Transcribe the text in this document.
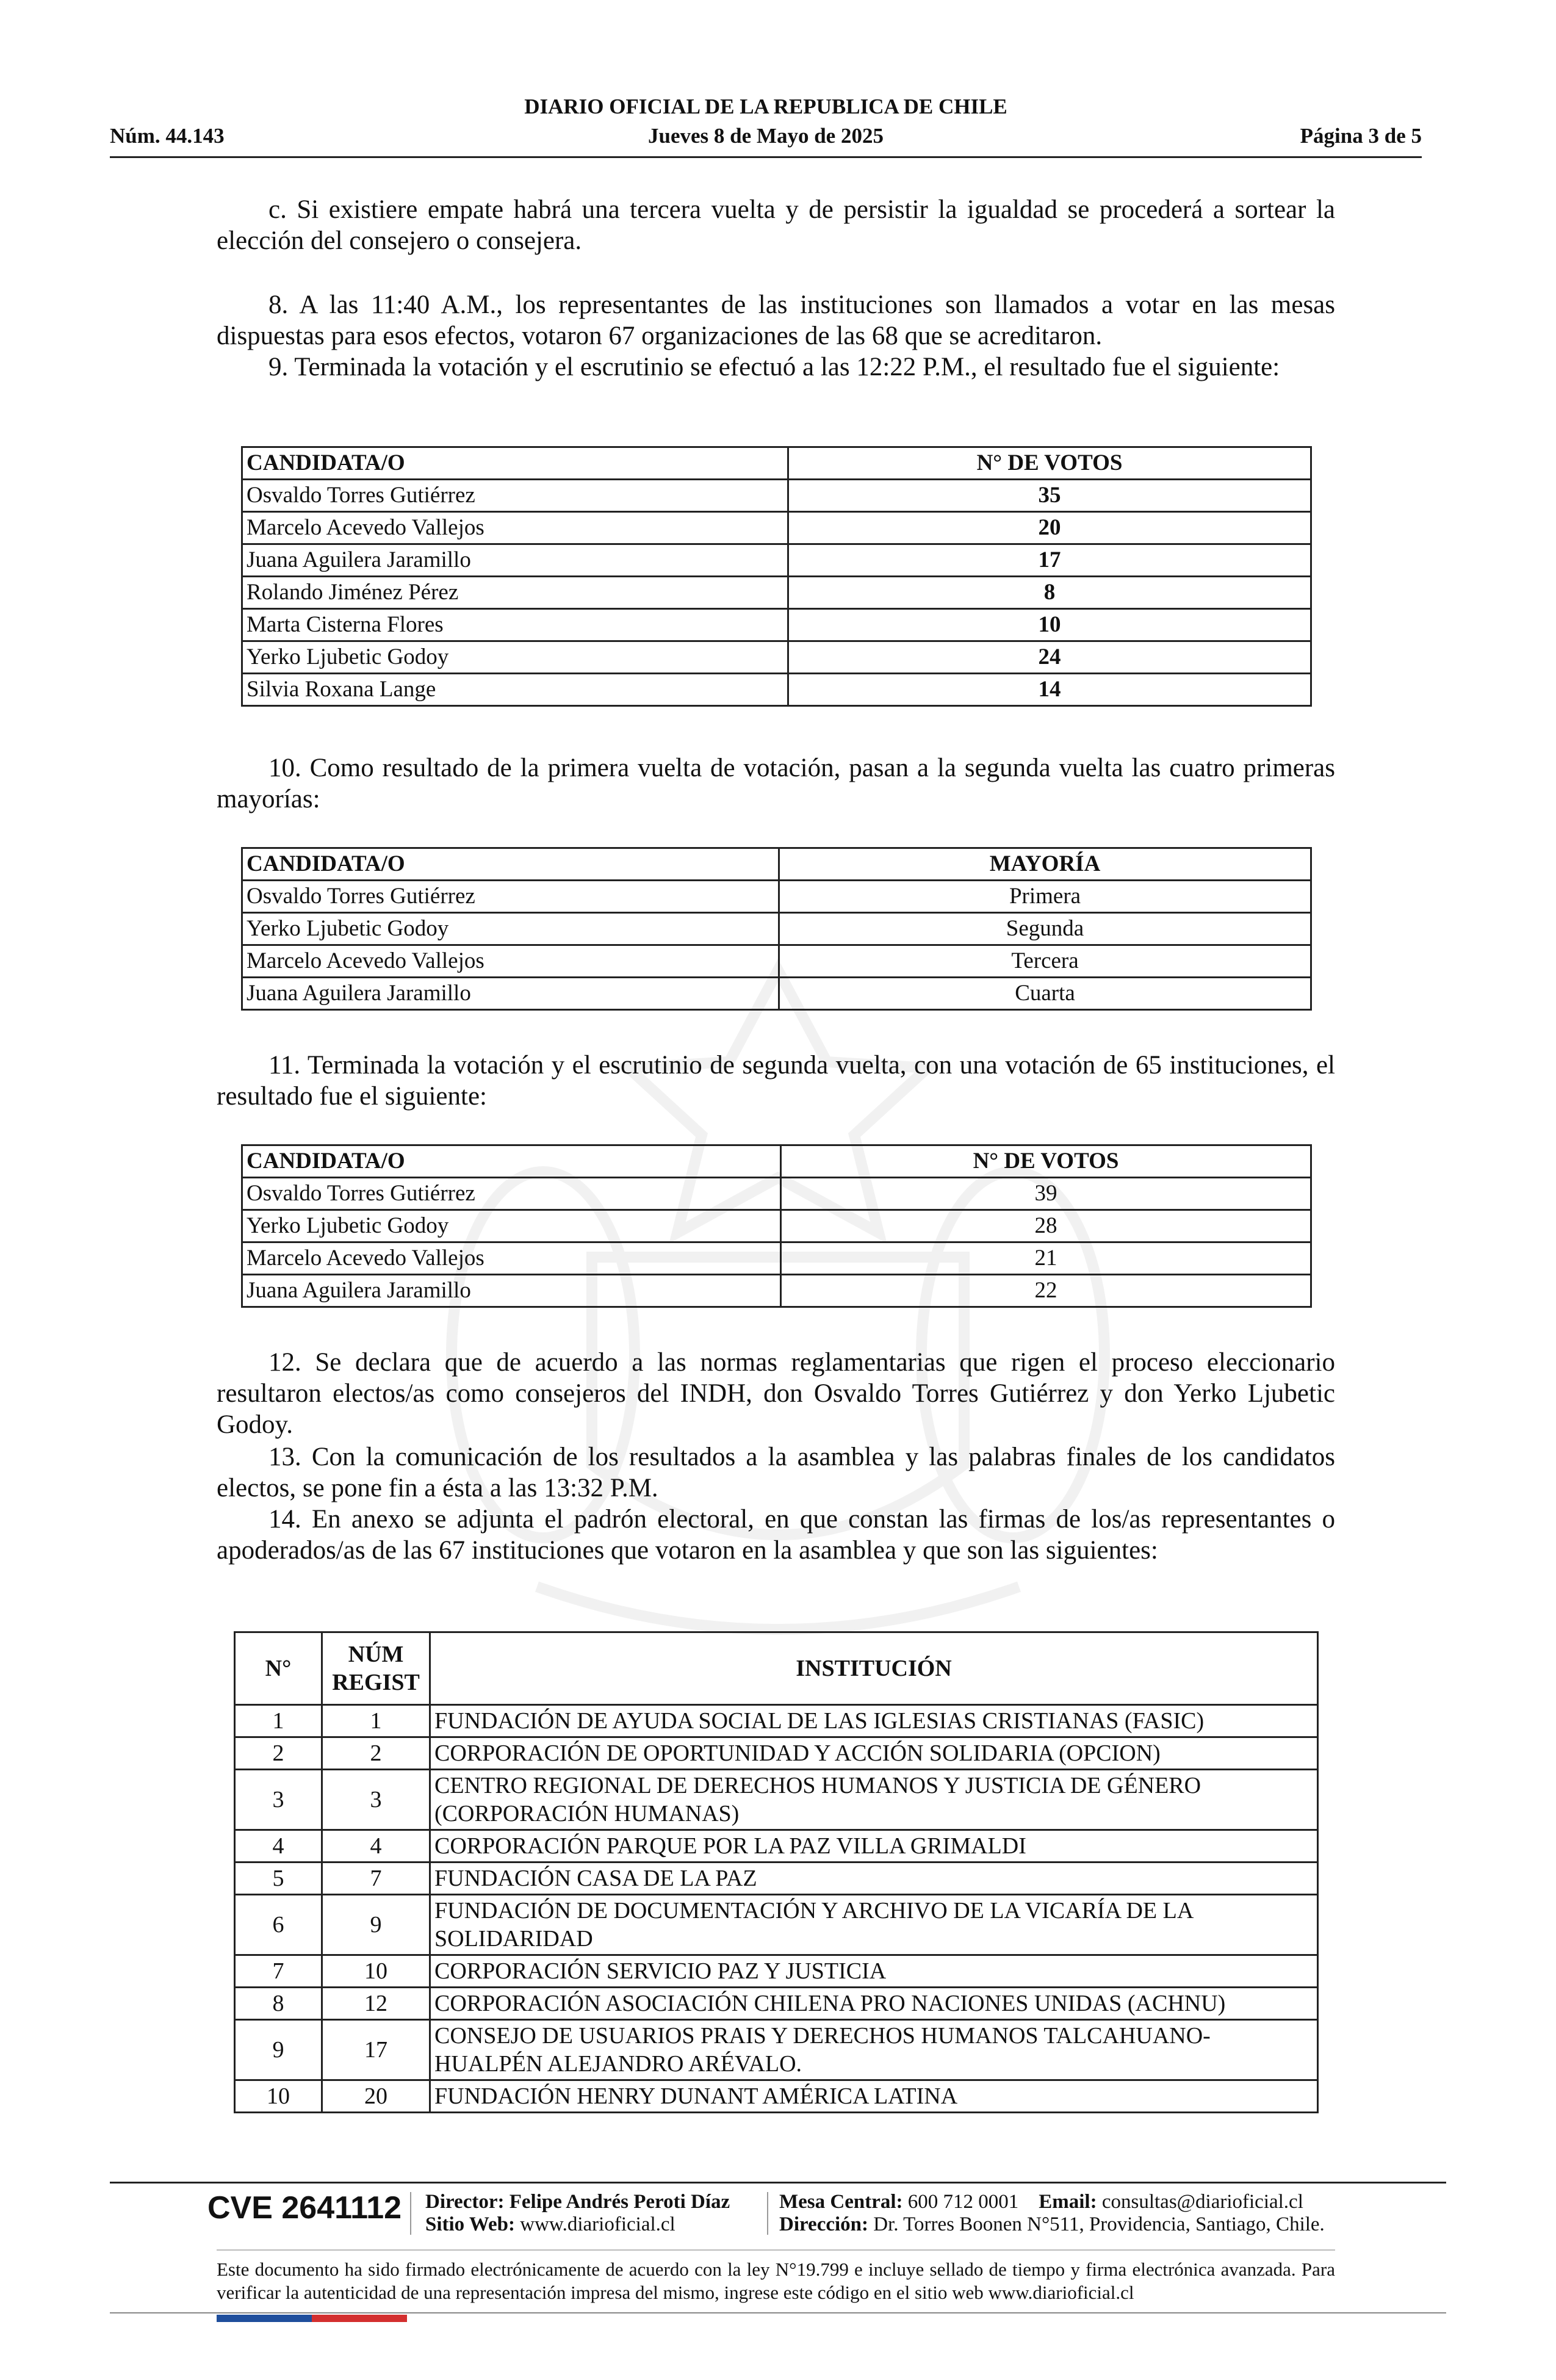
DIARIO OFICIAL DE LA REPUBLICA DE CHILE
Núm. 44.143	Jueves 8 de Mayo de 2025	Página 3 de 5
c. Si existiere empate habrá una tercera vuelta y de persistir la igualdad se procederá a sortear la elección del consejero o consejera.
8. A las 11:40 A.M., los representantes de las instituciones son llamados a votar en las mesas dispuestas para esos efectos, votaron 67 organizaciones de las 68 que se acreditaron.
9. Terminada la votación y el escrutinio se efectuó a las 12:22 P.M., el resultado fue el siguiente:
CANDIDATA/O	N° DE VOTOS
Osvaldo Torres Gutiérrez	35
Marcelo Acevedo Vallejos	20
Juana Aguilera Jaramillo	17
Rolando Jiménez Pérez	8
Marta Cisterna Flores	10
Yerko Ljubetic Godoy	24
Silvia Roxana Lange	14
10. Como resultado de la primera vuelta de votación, pasan a la segunda vuelta las cuatro primeras mayorías:
CANDIDATA/O	MAYORÍA
Osvaldo Torres Gutiérrez	Primera
Yerko Ljubetic Godoy	Segunda
Marcelo Acevedo Vallejos	Tercera
Juana Aguilera Jaramillo	Cuarta
11. Terminada la votación y el escrutinio de segunda vuelta, con una votación de 65 instituciones, el resultado fue el siguiente:
CANDIDATA/O	N° DE VOTOS
Osvaldo Torres Gutiérrez	39
Yerko Ljubetic Godoy	28
Marcelo Acevedo Vallejos	21
Juana Aguilera Jaramillo	22
12. Se declara que de acuerdo a las normas reglamentarias que rigen el proceso eleccionario resultaron electos/as como consejeros del INDH, don Osvaldo Torres Gutiérrez y don Yerko Ljubetic Godoy.
13. Con la comunicación de los resultados a la asamblea y las palabras finales de los candidatos electos, se pone fin a ésta a las 13:32 P.M.
14. En anexo se adjunta el padrón electoral, en que constan las firmas de los/as representantes o apoderados/as de las 67 instituciones que votaron en la asamblea y que son las siguientes:
N°	NÚM REGIST	INSTITUCIÓN
1	1	FUNDACIÓN DE AYUDA SOCIAL DE LAS IGLESIAS CRISTIANAS (FASIC)
2	2	CORPORACIÓN DE OPORTUNIDAD Y ACCIÓN SOLIDARIA (OPCION)
3	3	CENTRO REGIONAL DE DERECHOS HUMANOS Y JUSTICIA DE GÉNERO (CORPORACIÓN HUMANAS)
4	4	CORPORACIÓN PARQUE POR LA PAZ VILLA GRIMALDI
5	7	FUNDACIÓN CASA DE LA PAZ
6	9	FUNDACIÓN DE DOCUMENTACIÓN Y ARCHIVO DE LA VICARÍA DE LA SOLIDARIDAD
7	10	CORPORACIÓN SERVICIO PAZ Y JUSTICIA
8	12	CORPORACIÓN ASOCIACIÓN CHILENA PRO NACIONES UNIDAS (ACHNU)
9	17	CONSEJO DE USUARIOS PRAIS Y DERECHOS HUMANOS TALCAHUANO-HUALPÉN ALEJANDRO ARÉVALO.
10	20	FUNDACIÓN HENRY DUNANT AMÉRICA LATINA
CVE 2641112 Director: Felipe Andrés Peroti Díaz
Sitio Web: www.diarioficial.cl
Mesa Central: 600 712 0001 Email: consultas@diarioficial.cl
Dirección: Dr. Torres Boonen N°511, Providencia, Santiago, Chile.
Este documento ha sido firmado electrónicamente de acuerdo con la ley N°19.799 e incluye sellado de tiempo y firma electrónica avanzada. Para verificar la autenticidad de una representación impresa del mismo, ingrese este código en el sitio web www.diarioficial.cl
